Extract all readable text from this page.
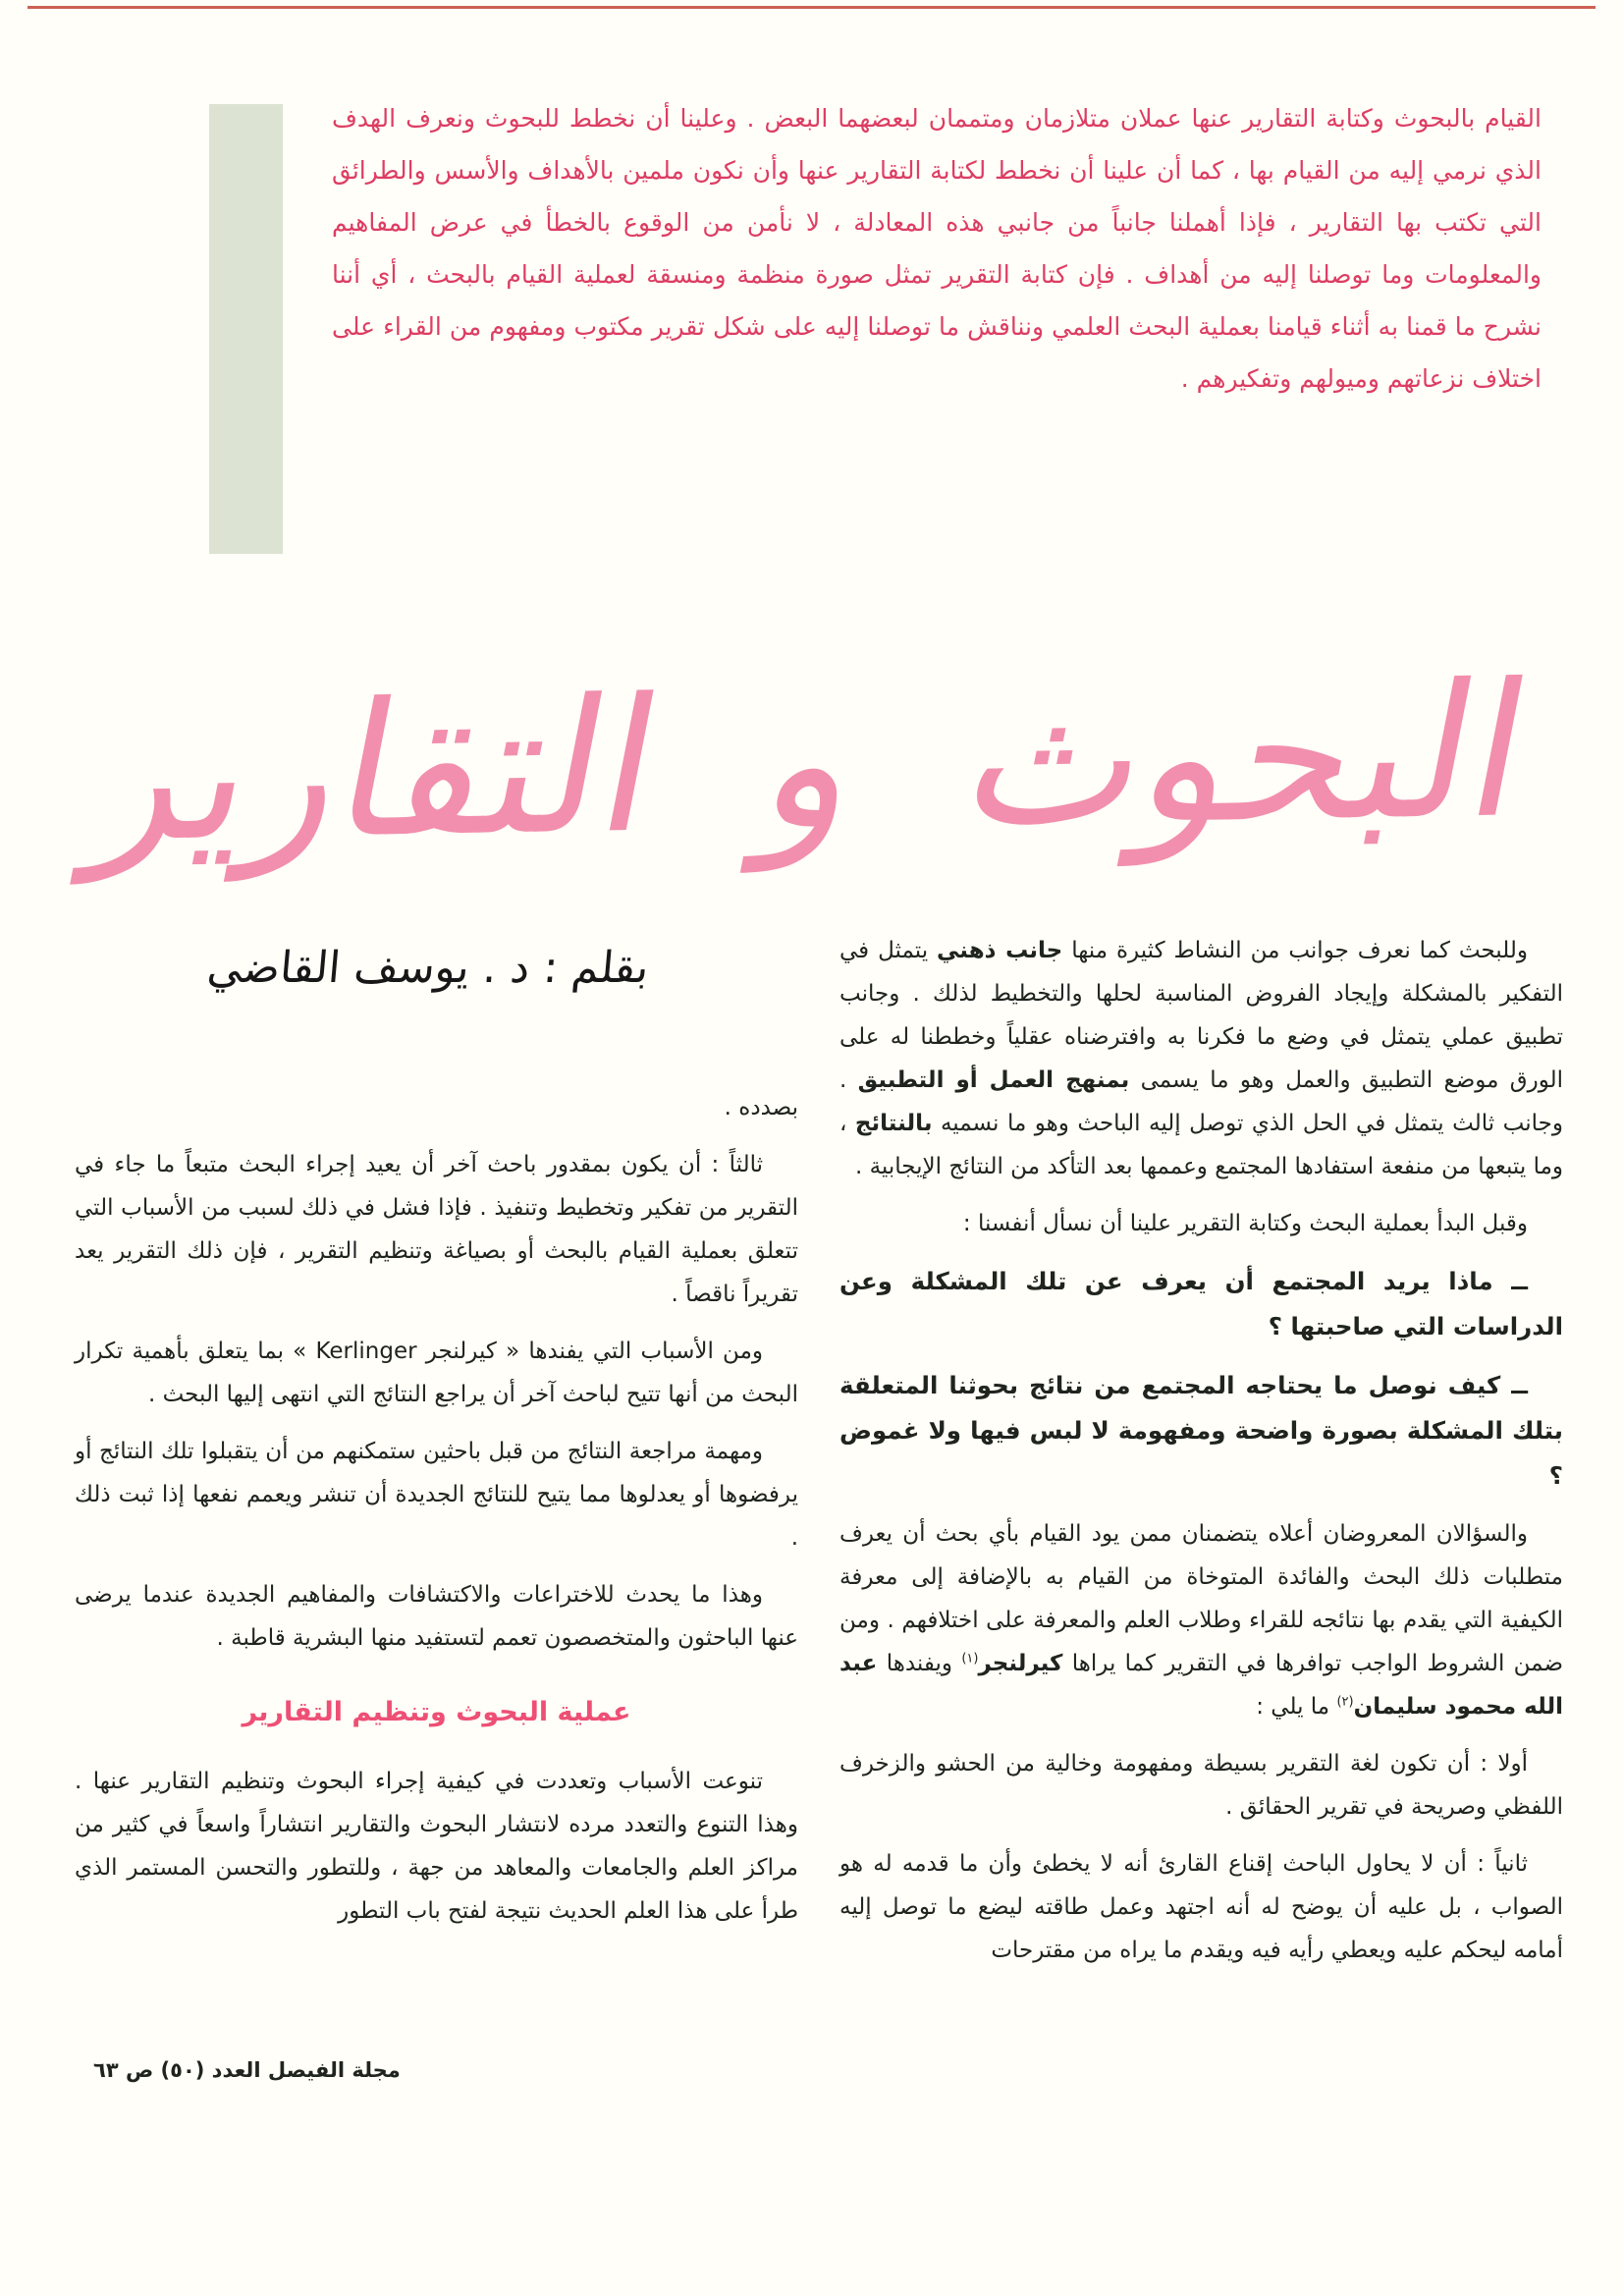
القيام بالبحوث وكتابة التقارير عنها عملان متلازمان ومتممان لبعضهما البعض . وعلينا أن نخطط للبحوث ونعرف الهدف الذي نرمي إليه من القيام بها ، كما أن علينا أن نخطط لكتابة التقارير عنها وأن نكون ملمين بالأهداف والأسس والطرائق التي تكتب بها التقارير ، فإذا أهملنا جانباً من جانبي هذه المعادلة ، لا نأمن من الوقوع بالخطأ في عرض المفاهيم والمعلومات وما توصلنا إليه من أهداف . فإن كتابة التقرير تمثل صورة منظمة ومنسقة لعملية القيام بالبحث ، أي أننا نشرح ما قمنا به أثناء قيامنا بعملية البحث العلمي ونناقش ما توصلنا إليه على شكل تقرير مكتوب ومفهوم من القراء على اختلاف نزعاتهم وميولهم وتفكيرهم .
البحوث و التقارير
بقلم : د . يوسف القاضي	وللبحث كما نعرف جوانب من النشاط كثيرة منها جانب ذهني يتمثل في التفكير بالمشكلة وإيجاد الفروض المناسبة لحلها والتخطيط لذلك . وجانب تطبيق عملي يتمثل في وضع ما فكرنا به وافترضناه عقلياً وخططنا له على الورق موضع التطبيق والعمل وهو ما يسمى بمنهج العمل أو التطبيق . وجانب ثالث يتمثل في الحل الذي توصل إليه الباحث وهو ما نسميه بالنتائج ، وما يتبعها من منفعة استفادها المجتمع وعممها بعد التأكد من النتائج الإيجابية .

وقبل البدأ بعملية البحث وكتابة التقرير علينا أن نسأل أنفسنا :

ــ ماذا يريد المجتمع أن يعرف عن تلك المشكلة وعن الدراسات التي صاحبتها ؟

ــ كيف نوصل ما يحتاجه المجتمع من نتائج بحوثنا المتعلقة بتلك المشكلة بصورة واضحة ومفهومة لا لبس فيها ولا غموض ؟

والسؤالان المعروضان أعلاه يتضمنان ممن يود القيام بأي بحث أن يعرف متطلبات ذلك البحث والفائدة المتوخاة من القيام به بالإضافة إلى معرفة الكيفية التي يقدم بها نتائجه للقراء وطلاب العلم والمعرفة على اختلافهم . ومن ضمن الشروط الواجب توافرها في التقرير كما يراها كيرلنجر$^{(١)}$ ويفندها عبد الله محمود سليمان$^{(٢)}$ ما يلي :

أولا : أن تكون لغة التقرير بسيطة ومفهومة وخالية من الحشو والزخرف اللفظي وصريحة في تقرير الحقائق .

ثانياً : أن لا يحاول الباحث إقناع القارئ أنه لا يخطئ وأن ما قدمه له هو الصواب ، بل عليه أن يوضح له أنه اجتهد وعمل طاقته ليضع ما توصل إليه أمامه ليحكم عليه ويعطي رأيه فيه ويقدم ما يراه من مقترحات

بصدده .

ثالثاً : أن يكون بمقدور باحث آخر أن يعيد إجراء البحث متبعاً ما جاء في التقرير من تفكير وتخطيط وتنفيذ . فإذا فشل في ذلك لسبب من الأسباب التي تتعلق بعملية القيام بالبحث أو بصياغة وتنظيم التقرير ، فإن ذلك التقرير يعد تقريراً ناقصاً .

ومن الأسباب التي يفندها « كيرلنجر Kerlinger » بما يتعلق بأهمية تكرار البحث من أنها تتيح لباحث آخر أن يراجع النتائج التي انتهى إليها البحث .

ومهمة مراجعة النتائج من قبل باحثين ستمكنهم من أن يتقبلوا تلك النتائج أو يرفضوها أو يعدلوها مما يتيح للنتائج الجديدة أن تنشر ويعمم نفعها إذا ثبت ذلك .

وهذا ما يحدث للاختراعات والاكتشافات والمفاهيم الجديدة عندما يرضى عنها الباحثون والمتخصصون تعمم لتستفيد منها البشرية قاطبة .

عملية البحوث وتنظيم التقارير

تنوعت الأسباب وتعددت في كيفية إجراء البحوث وتنظيم التقارير عنها . وهذا التنوع والتعدد مرده لانتشار البحوث والتقارير انتشاراً واسعاً في كثير من مراكز العلم والجامعات والمعاهد من جهة ، وللتطور والتحسن المستمر الذي طرأ على هذا العلم الحديث نتيجة لفتح باب التطور

مجلة الفيصل العدد (٥٠) ص ٦٣
